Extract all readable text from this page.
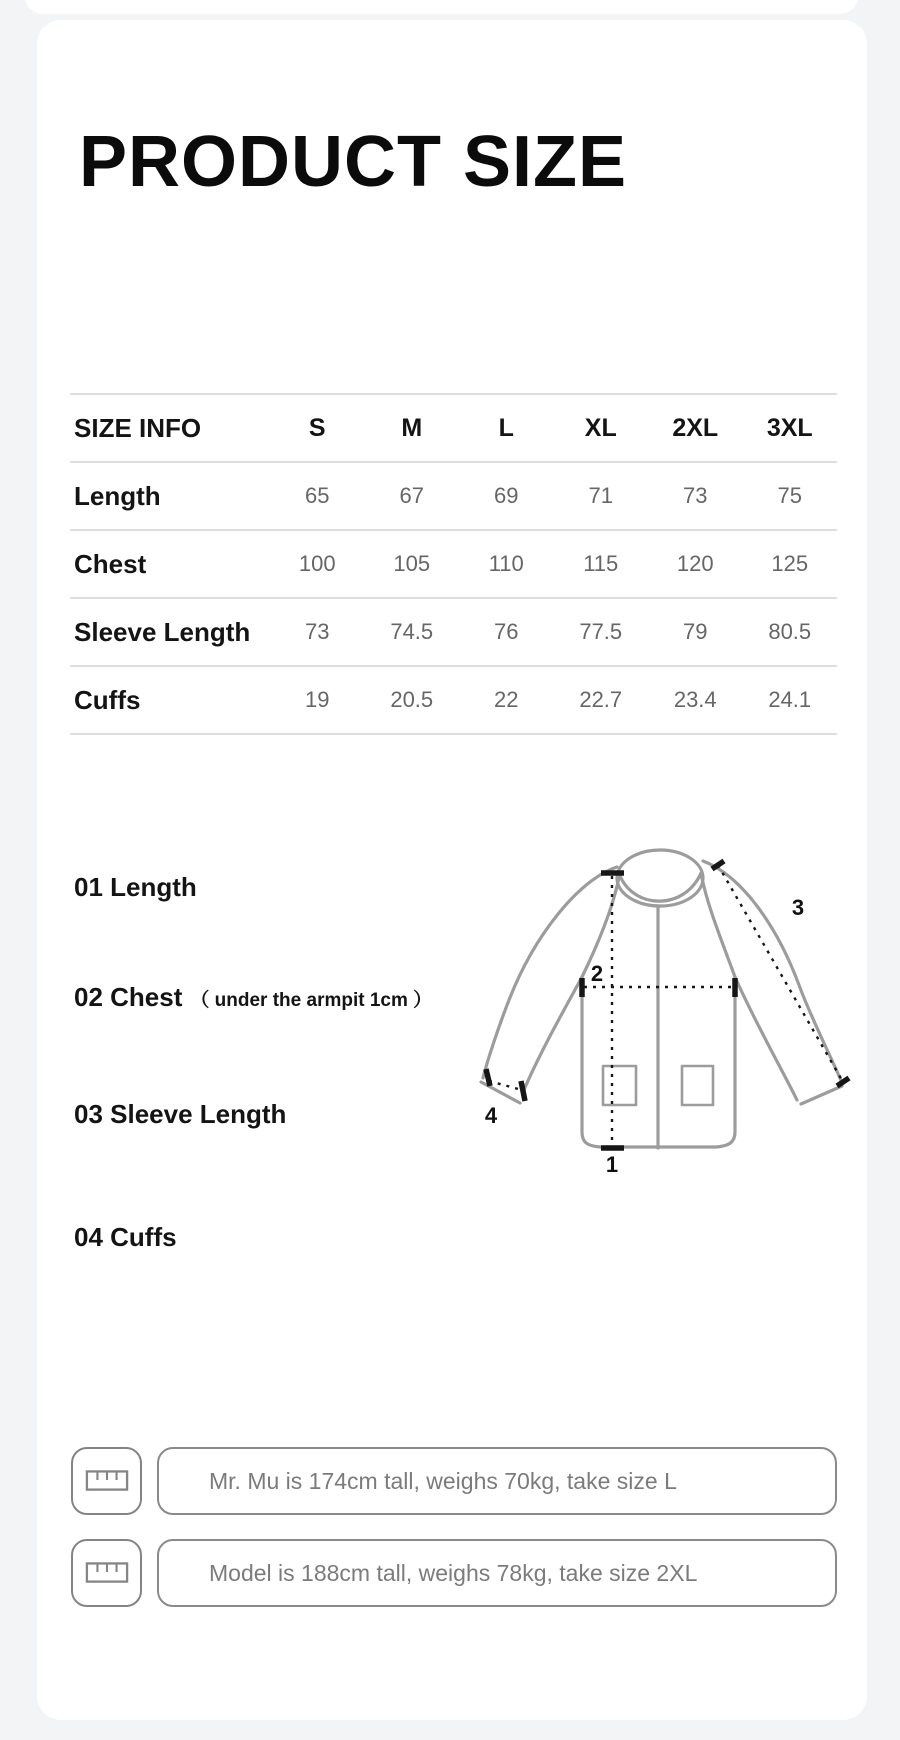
PRODUCT SIZE
SIZE INFO	S	M	L	XL	2XL	3XL
Length	65	67	69	71	73	75
Chest	100	105	110	115	120	125
Sleeve Length	73	74.5	76	77.5	79	80.5
Cuffs	19	20.5	22	22.7	23.4	24.1
01 Length
02 Chest （ under the armpit 1cm ）
03 Sleeve Length
04 Cuffs
1
2
3
4
Mr. Mu is 174cm tall, weighs 70kg, take size L
Model is 188cm tall, weighs 78kg, take size 2XL
